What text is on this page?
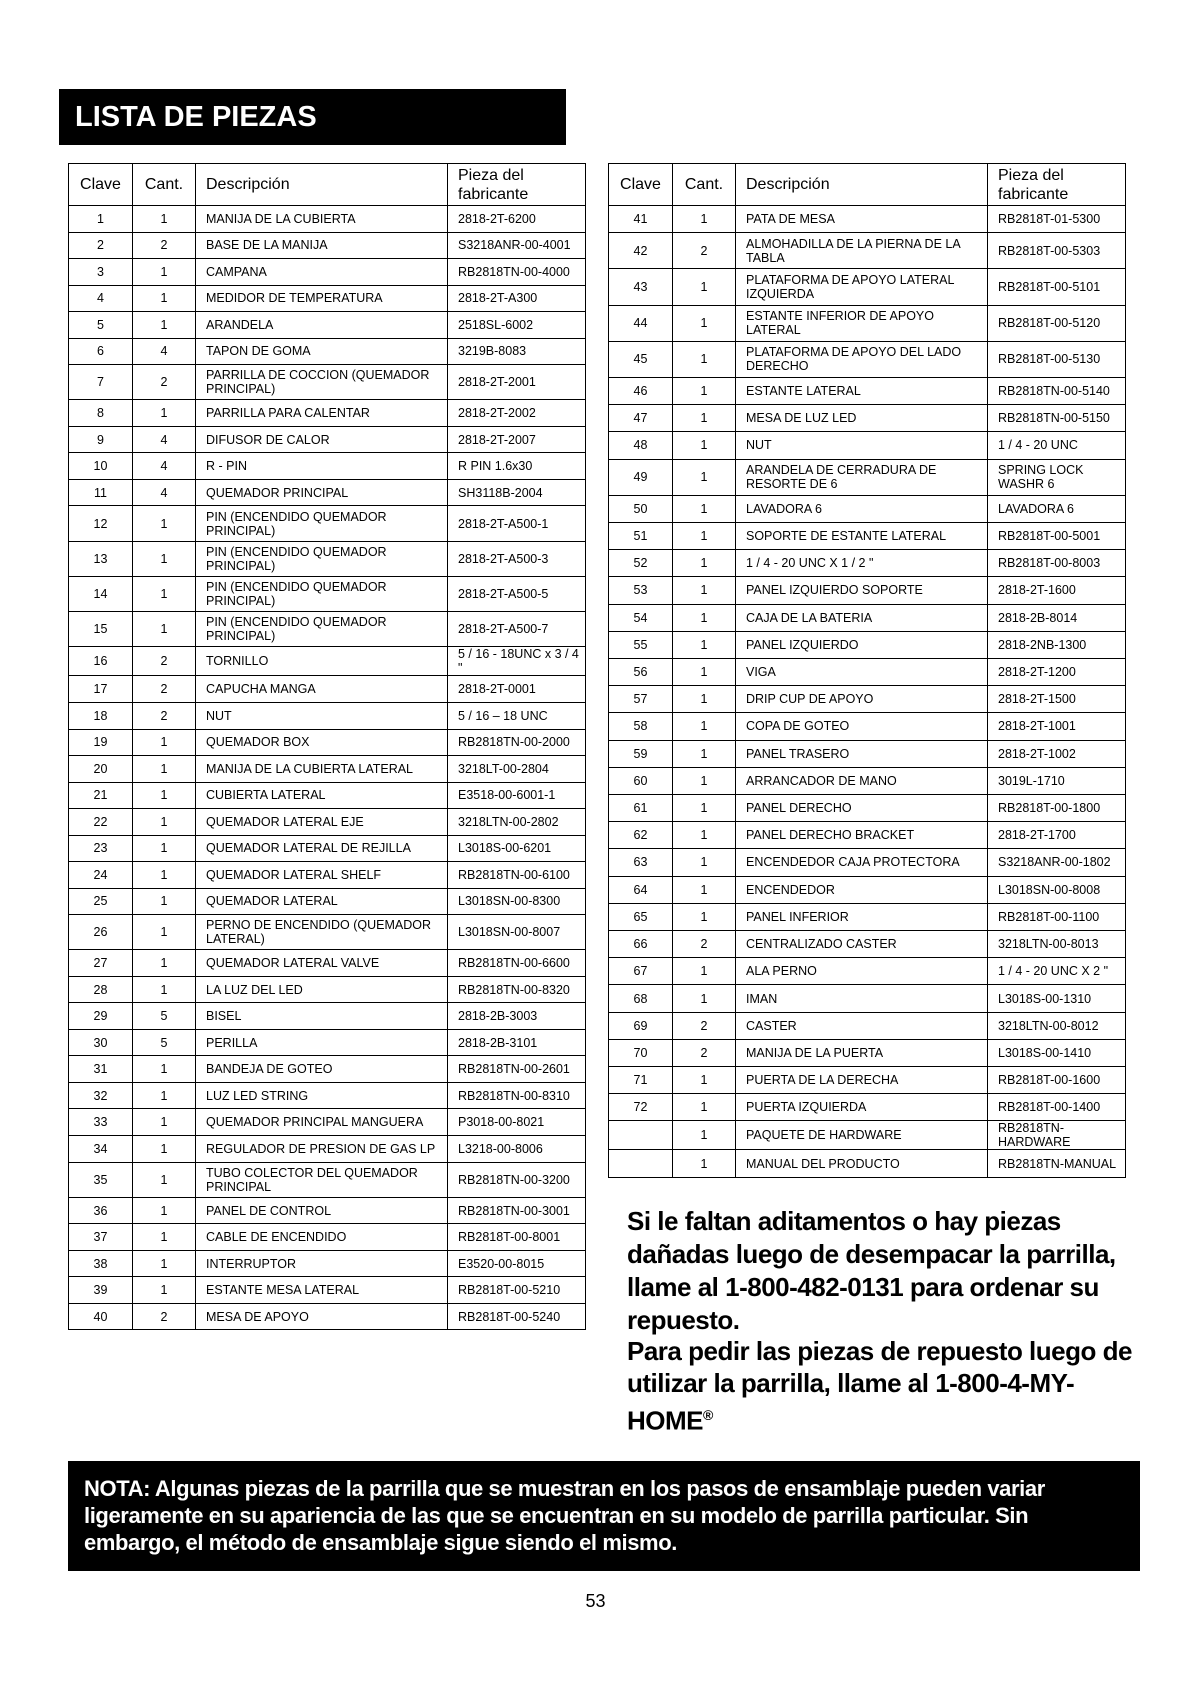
LISTA DE PIEZAS
Clave	Cant.	Descripción	Pieza del
fabricante
1	1	MANIJA DE LA CUBIERTA	2818-2T-6200
2	2	BASE DE LA MANIJA	S3218ANR-00-4001
3	1	CAMPANA	RB2818TN-00-4000
4	1	MEDIDOR DE TEMPERATURA	2818-2T-A300
5	1	ARANDELA	2518SL-6002
6	4	TAPON DE GOMA	3219B-8083
7	2	PARRILLA DE COCCION (QUEMADOR PRINCIPAL)	2818-2T-2001
8	1	PARRILLA PARA CALENTAR	2818-2T-2002
9	4	DIFUSOR DE CALOR	2818-2T-2007
10	4	R - PIN	R PIN 1.6x30
11	4	QUEMADOR PRINCIPAL	SH3118B-2004
12	1	PIN (ENCENDIDO QUEMADOR PRINCIPAL)	2818-2T-A500-1
13	1	PIN (ENCENDIDO QUEMADOR PRINCIPAL)	2818-2T-A500-3
14	1	PIN (ENCENDIDO QUEMADOR PRINCIPAL)	2818-2T-A500-5
15	1	PIN (ENCENDIDO QUEMADOR PRINCIPAL)	2818-2T-A500-7
16	2	TORNILLO	5 / 16 - 18UNC x 3 / 4 "
17	2	CAPUCHA MANGA	2818-2T-0001
18	2	NUT	5 / 16 – 18 UNC
19	1	QUEMADOR BOX	RB2818TN-00-2000
20	1	MANIJA DE LA CUBIERTA LATERAL	3218LT-00-2804
21	1	CUBIERTA LATERAL	E3518-00-6001-1
22	1	QUEMADOR LATERAL EJE	3218LTN-00-2802
23	1	QUEMADOR LATERAL DE REJILLA	L3018S-00-6201
24	1	QUEMADOR LATERAL SHELF	RB2818TN-00-6100
25	1	QUEMADOR LATERAL	L3018SN-00-8300
26	1	PERNO DE ENCENDIDO (QUEMADOR LATERAL)	L3018SN-00-8007
27	1	QUEMADOR LATERAL VALVE	RB2818TN-00-6600
28	1	LA LUZ DEL LED	RB2818TN-00-8320
29	5	BISEL	2818-2B-3003
30	5	PERILLA	2818-2B-3101
31	1	BANDEJA DE GOTEO	RB2818TN-00-2601
32	1	LUZ LED STRING	RB2818TN-00-8310
33	1	QUEMADOR PRINCIPAL MANGUERA	P3018-00-8021
34	1	REGULADOR DE PRESION DE GAS LP	L3218-00-8006
35	1	TUBO COLECTOR DEL QUEMADOR PRINCIPAL	RB2818TN-00-3200
36	1	PANEL DE CONTROL	RB2818TN-00-3001
37	1	CABLE DE ENCENDIDO	RB2818T-00-8001
38	1	INTERRUPTOR	E3520-00-8015
39	1	ESTANTE MESA LATERAL	RB2818T-00-5210
40	2	MESA DE APOYO	RB2818T-00-5240
Clave	Cant.	Descripción	Pieza del
fabricante
41	1	PATA DE MESA	RB2818T-01-5300
42	2	ALMOHADILLA DE LA PIERNA DE LA TABLA	RB2818T-00-5303
43	1	PLATAFORMA DE APOYO LATERAL IZQUIERDA	RB2818T-00-5101
44	1	ESTANTE INFERIOR DE APOYO LATERAL	RB2818T-00-5120
45	1	PLATAFORMA DE APOYO DEL LADO DERECHO	RB2818T-00-5130
46	1	ESTANTE LATERAL	RB2818TN-00-5140
47	1	MESA DE LUZ LED	RB2818TN-00-5150
48	1	NUT	1 / 4 - 20 UNC
49	1	ARANDELA DE CERRADURA DE RESORTE DE 6	SPRING LOCK WASHR 6
50	1	LAVADORA 6	LAVADORA 6
51	1	SOPORTE DE ESTANTE LATERAL	RB2818T-00-5001
52	1	1 / 4 - 20 UNC X 1 / 2 "	RB2818T-00-8003
53	1	PANEL IZQUIERDO SOPORTE	2818-2T-1600
54	1	CAJA DE LA BATERIA	2818-2B-8014
55	1	PANEL IZQUIERDO	2818-2NB-1300
56	1	VIGA	2818-2T-1200
57	1	DRIP CUP DE APOYO	2818-2T-1500
58	1	COPA DE GOTEO	2818-2T-1001
59	1	PANEL TRASERO	2818-2T-1002
60	1	ARRANCADOR DE MANO	3019L-1710
61	1	PANEL DERECHO	RB2818T-00-1800
62	1	PANEL DERECHO BRACKET	2818-2T-1700
63	1	ENCENDEDOR CAJA PROTECTORA	S3218ANR-00-1802
64	1	ENCENDEDOR	L3018SN-00-8008
65	1	PANEL INFERIOR	RB2818T-00-1100
66	2	CENTRALIZADO CASTER	3218LTN-00-8013
67	1	ALA PERNO	1 / 4 - 20 UNC X 2 "
68	1	IMAN	L3018S-00-1310
69	2	CASTER	3218LTN-00-8012
70	2	MANIJA DE LA PUERTA	L3018S-00-1410
71	1	PUERTA DE LA DERECHA	RB2818T-00-1600
72	1	PUERTA IZQUIERDA	RB2818T-00-1400
	1	PAQUETE DE HARDWARE	RB2818TN-HARDWARE
	1	MANUAL DEL PRODUCTO	RB2818TN-MANUAL
Si le faltan aditamentos o hay piezas dañadas luego de desempacar la parrilla, llame al 1-800-482-0131 para ordenar su repuesto.
Para pedir las piezas de repuesto luego de utilizar la parrilla, llame al 1-800-4-MY-HOME®
NOTA: Algunas piezas de la parrilla que se muestran en los pasos de ensamblaje pueden variar ligeramente en su apariencia de las que se encuentran en su modelo de parrilla particular. Sin embargo, el método de ensamblaje sigue siendo el mismo.
53
